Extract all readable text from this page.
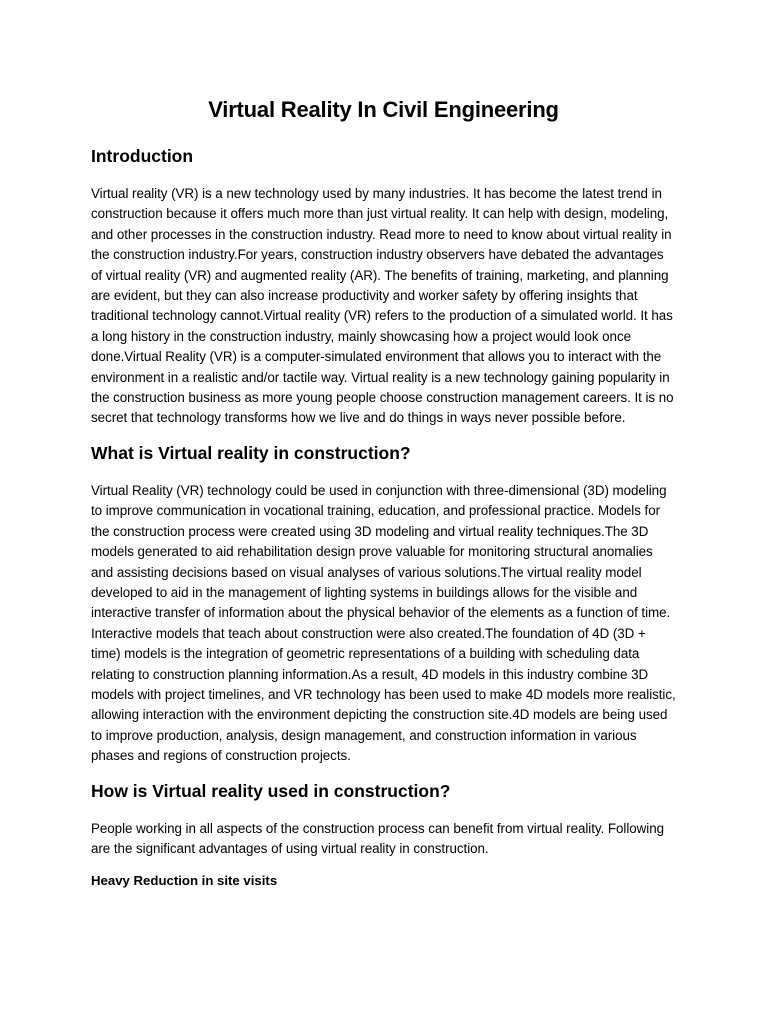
Virtual Reality In Civil Engineering
Introduction

Virtual reality (VR) is a new technology used by many industries. It has become the latest trend in construction because it offers much more than just virtual reality. It can help with design, modeling, and other processes in the construction industry. Read more to need to know about virtual reality in the construction industry.For years, construction industry observers have debated the advantages of virtual reality (VR) and augmented reality (AR). The benefits of training, marketing, and planning are evident, but they can also increase productivity and worker safety by offering insights that traditional technology cannot.Virtual reality (VR) refers to the production of a simulated world. It has a long history in the construction industry, mainly showcasing how a project would look once done.Virtual Reality (VR) is a computer-simulated environment that allows you to interact with the environment in a realistic and/or tactile way. Virtual reality is a new technology gaining popularity in the construction business as more young people choose construction management careers. It is no secret that technology transforms how we live and do things in ways never possible before.

What is Virtual reality in construction?

Virtual Reality (VR) technology could be used in conjunction with three-dimensional (3D) modeling to improve communication in vocational training, education, and professional practice. Models for the construction process were created using 3D modeling and virtual reality techniques.The 3D models generated to aid rehabilitation design prove valuable for monitoring structural anomalies and assisting decisions based on visual analyses of various solutions.The virtual reality model developed to aid in the management of lighting systems in buildings allows for the visible and interactive transfer of information about the physical behavior of the elements as a function of time. Interactive models that teach about construction were also created.The foundation of 4D (3D + time) models is the integration of geometric representations of a building with scheduling data relating to construction planning information.As a result, 4D models in this industry combine 3D models with project timelines, and VR technology has been used to make 4D models more realistic, allowing interaction with the environment depicting the construction site.4D models are being used to improve production, analysis, design management, and construction information in various phases and regions of construction projects.

How is Virtual reality used in construction?

People working in all aspects of the construction process can benefit from virtual reality. Following are the significant advantages of using virtual reality in construction.

Heavy Reduction in site visits
